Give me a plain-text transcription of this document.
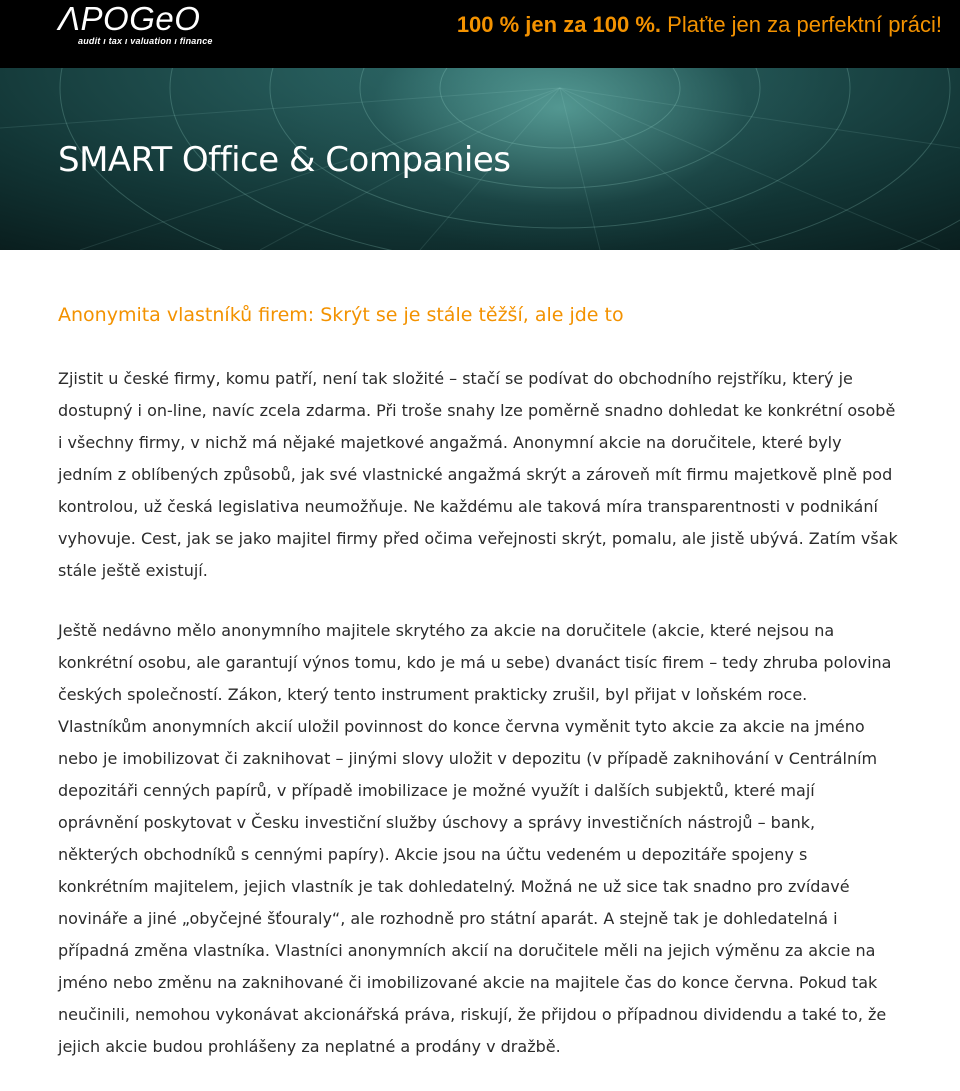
ΛPOGeO
audit ı tax ı valuation ı finance
100 % jen za 100 %. Plaťte jen za perfektní práci!
SMART Office & Companies
Anonymita vlastníků firem: Skrýt se je stále těžší, ale jde to

Zjistit u české firmy, komu patří, není tak složité – stačí se podívat do obchodního rejstříku, který je dostupný i on-line, navíc zcela zdarma. Při troše snahy lze poměrně snadno dohledat ke konkrétní osobě i všechny firmy, v nichž má nějaké majetkové angažmá. Anonymní akcie na doručitele, které byly jedním z oblíbených způsobů, jak své vlastnické angažmá skrýt a zároveň mít firmu majetkově plně pod kontrolou, už česká legislativa neumožňuje. Ne každému ale taková míra transparentnosti v podnikání vyhovuje. Cest, jak se jako majitel firmy před očima veřejnosti skrýt, pomalu, ale jistě ubývá. Zatím však stále ještě existují.

Ještě nedávno mělo anonymního majitele skrytého za akcie na doručitele (akcie, které nejsou na konkrétní osobu, ale garantují výnos tomu, kdo je má u sebe) dvanáct tisíc firem – tedy zhruba polovina českých společností. Zákon, který tento instrument prakticky zrušil, byl přijat v loňském roce. Vlastníkům anonymních akcií uložil povinnost do konce června vyměnit tyto akcie za akcie na jméno nebo je imobilizovat či zaknihovat – jinými slovy uložit v depozitu (v případě zaknihování v Centrálním depozitáři cenných papírů, v případě imobilizace je možné využít i dalších subjektů, které mají oprávnění poskytovat v Česku investiční služby úschovy a správy investičních nástrojů – bank, některých obchodníků s cennými papíry). Akcie jsou na účtu vedeném u depozitáře spojeny s konkrétním majitelem, jejich vlastník je tak dohledatelný. Možná ne už sice tak snadno pro zvídavé novináře a jiné „obyčejné šťouraly“, ale rozhodně pro státní aparát. A stejně tak je dohledatelná i případná změna vlastníka. Vlastníci anonymních akcií na doručitele měli na jejich výměnu za akcie na jméno nebo změnu na zaknihované či imobilizované akcie na majitele čas do konce června. Pokud tak neučinili, nemohou vykonávat akcionářská práva, riskují, že přijdou o případnou dividendu a také to, že jejich akcie budou prohlášeny za neplatné a prodány v dražbě.
